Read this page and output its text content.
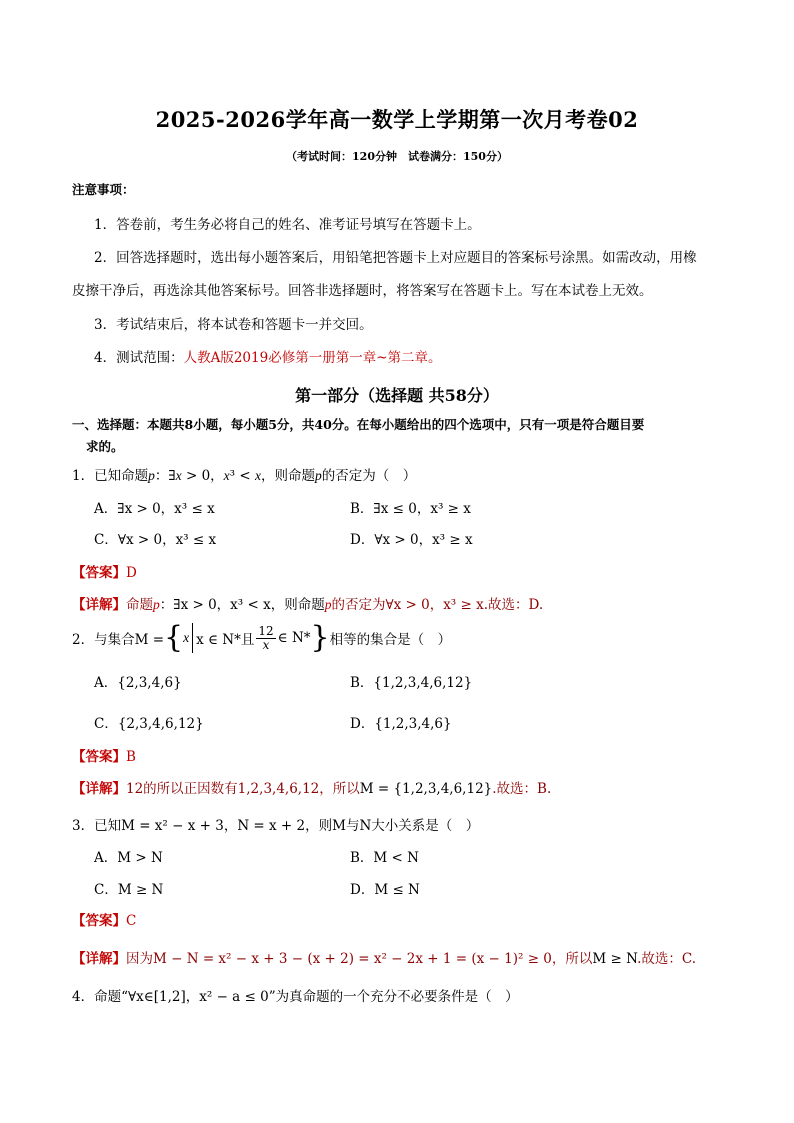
2025-2026学年高一数学上学期第一次月考卷02
（考试时间：120分钟　试卷满分：150分）
注意事项：
1．答卷前，考生务必将自己的姓名、准考证号填写在答题卡上。
2．回答选择题时，选出每小题答案后，用铅笔把答题卡上对应题目的答案标号涂黑。如需改动，用橡
皮擦干净后，再选涂其他答案标号。回答非选择题时，将答案写在答题卡上。写在本试卷上无效。
3．考试结束后，将本试卷和答题卡一并交回。
4．测试范围：人教A版2019必修第一册第一章~第二章。
第一部分（选择题 共58分）
一、选择题：本题共8小题，每小题5分，共40分。在每小题给出的四个选项中，只有一项是符合题目要
求的。
1．已知命题p：∃x > 0，x³ < x，则命题p的否定为（　）
A．∃x > 0，x³ ≤ x	B．∃x ≤ 0，x³ ≥ x
C．∀x > 0，x³ ≤ x	D．∀x > 0，x³ ≥ x
【答案】D
【详解】命题p：∃x > 0，x³ < x，则命题p的否定为∀x > 0，x³ ≥ x.故选：D.
2．与集合M = { x x ∈ N*且 $\frac{12}{x}$ ∈ N* } 相等的集合是（　）
A．{2,3,4,6}	B．{1,2,3,4,6,12}
C．{2,3,4,6,12}	D．{1,2,3,4,6}
【答案】B
【详解】12的所以正因数有1,2,3,4,6,12，所以M = {1,2,3,4,6,12}.故选：B.
3．已知M = x² − x + 3，N = x + 2，则M与N大小关系是（　）
A．M > N	B．M < N
C．M ≥ N	D．M ≤ N
【答案】C
【详解】因为M − N = x² − x + 3 − (x + 2) = x² − 2x + 1 = (x − 1)² ≥ 0，所以M ≥ N.故选：C.
4．命题“∀x∈[1,2]，x² − a ≤ 0”为真命题的一个充分不必要条件是（　）
